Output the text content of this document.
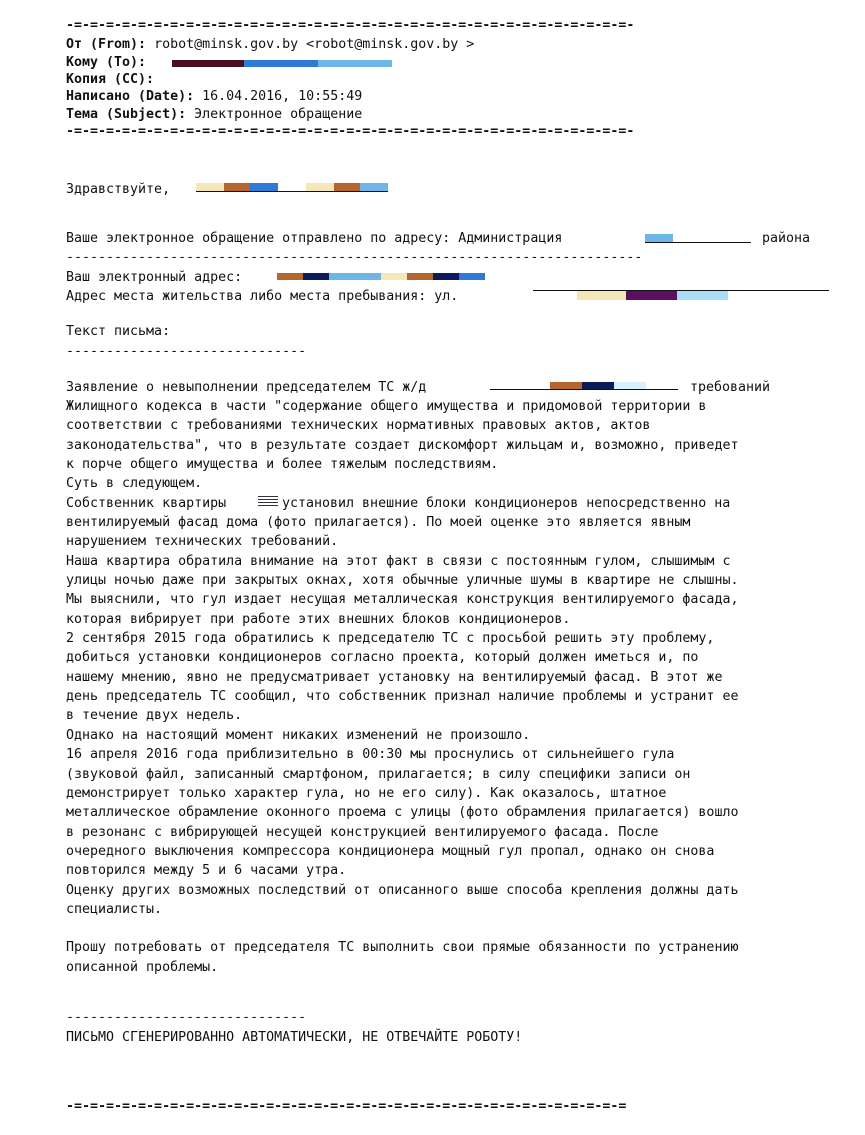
-=-=-=-=-=-=-=-=-=-=-=-=-=-=-=-=-=-=-=-=-=-=-=-=-=-=-=-=-=-=-=-=-=-=-=-
От (From): robot@minsk.gov.by <robot@minsk.gov.by >
Кому (To):
Копия (CC):
Написано (Date): 16.04.2016, 10:55:49
Тема (Subject): Электронное обращение
-=-=-=-=-=-=-=-=-=-=-=-=-=-=-=-=-=-=-=-=-=-=-=-=-=-=-=-=-=-=-=-=-=-=-=-
Здравствуйте,
Ваше электронное обращение отправлено по адресу: Администрация	района
------------------------------------------------------------------------
Ваш электронный адрес:
Адрес места жительства либо места пребывания: ул.
Текст письма:
------------------------------
Заявление о невыполнении председателем ТС ж/д	требований
Жилищного кодекса в части "содержание общего имущества и придомовой территории в
соответствии с требованиями технических нормативных правовых актов, актов
законодательства", что в результате создает дискомфорт жильцам и, возможно, приведет
к порче общего имущества и более тяжелым последствиям.
Суть в следующем.
Собственник квартиры	установил внешние блоки кондиционеров непосредственно на
вентилируемый фасад дома (фото прилагается). По моей оценке это является явным
нарушением технических требований.
Наша квартира обратила внимание на этот факт в связи с постоянным гулом, слышимым с
улицы ночью даже при закрытых окнах, хотя обычные уличные шумы в квартире не слышны.
Мы выяснили, что гул издает несущая металлическая конструкция вентилируемого фасада,
которая вибрирует при работе этих внешних блоков кондиционеров.
2 сентября 2015 года обратились к председателю ТС с просьбой решить эту проблему,
добиться установки кондиционеров согласно проекта, который должен иметься и, по
нашему мнению, явно не предусматривает установку на вентилируемый фасад. В этот же
день председатель ТС сообщил, что собственник признал наличие проблемы и устранит ее
в течение двух недель.
Однако на настоящий момент никаких изменений не произошло.
16 апреля 2016 года приблизительно в 00:30 мы проснулись от сильнейшего гула
(звуковой файл, записанный смартфоном, прилагается; в силу специфики записи он
демонстрирует только характер гула, но не его силу). Как оказалось, штатное
металлическое обрамление оконного проема с улицы (фото обрамления прилагается) вошло
в резонанс с вибрирующей несущей конструкцией вентилируемого фасада. После
очередного выключения компрессора кондиционера мощный гул пропал, однако он снова
повторился между 5 и 6 часами утра.
Оценку других возможных последствий от описанного выше способа крепления должны дать
специалисты.
Прошу потребовать от председателя ТС выполнить свои прямые обязанности по устранению
описанной проблемы.
------------------------------
ПИСЬМО СГЕНЕРИРОВАННО АВТОМАТИЧЕСКИ, НЕ ОТВЕЧАЙТЕ РОБОТУ!
-=-=-=-=-=-=-=-=-=-=-=-=-=-=-=-=-=-=-=-=-=-=-=-=-=-=-=-=-=-=-=-=-=-=-=
